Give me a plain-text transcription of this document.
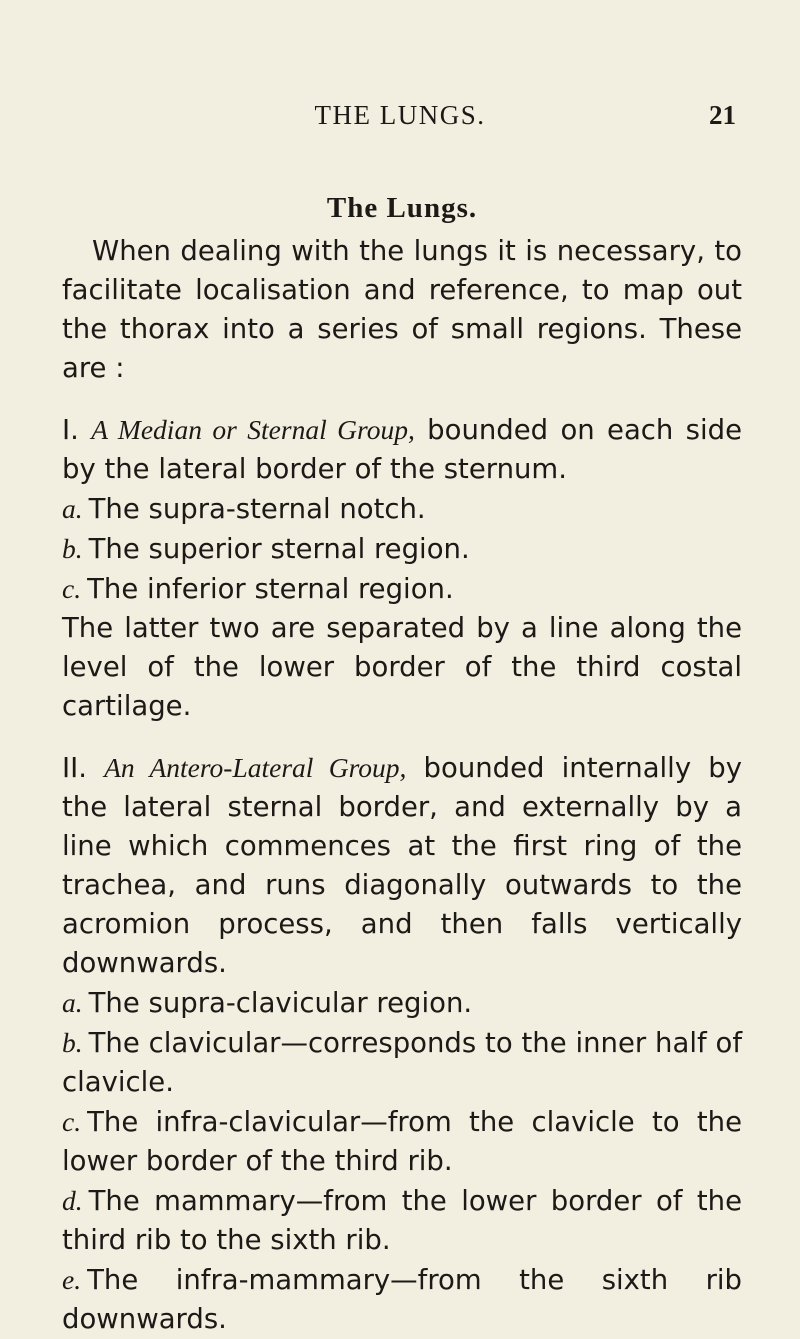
THE LUNGS.	21
The Lungs.

When dealing with the lungs it is necessary, to facilitate localisation and reference, to map out the thorax into a series of small regions. These are :

I. A Median or Sternal Group, bounded on each side by the lateral border of the sternum.

a. The supra-sternal notch.

b. The superior sternal region.

c. The inferior sternal region.

The latter two are separated by a line along the level of the lower border of the third costal cartilage.

II. An Antero-Lateral Group, bounded internally by the lateral sternal border, and externally by a line which commences at the first ring of the trachea, and runs diagonally outwards to the acromion process, and then falls vertically downwards.

a. The supra-clavicular region.

b. The clavicular—corresponds to the inner half of clavicle.

c. The infra-clavicular—from the clavicle to the lower border of the third rib.

d. The mammary—from the lower border of the third rib to the sixth rib.

e. The infra-mammary—from the sixth rib downwards.
